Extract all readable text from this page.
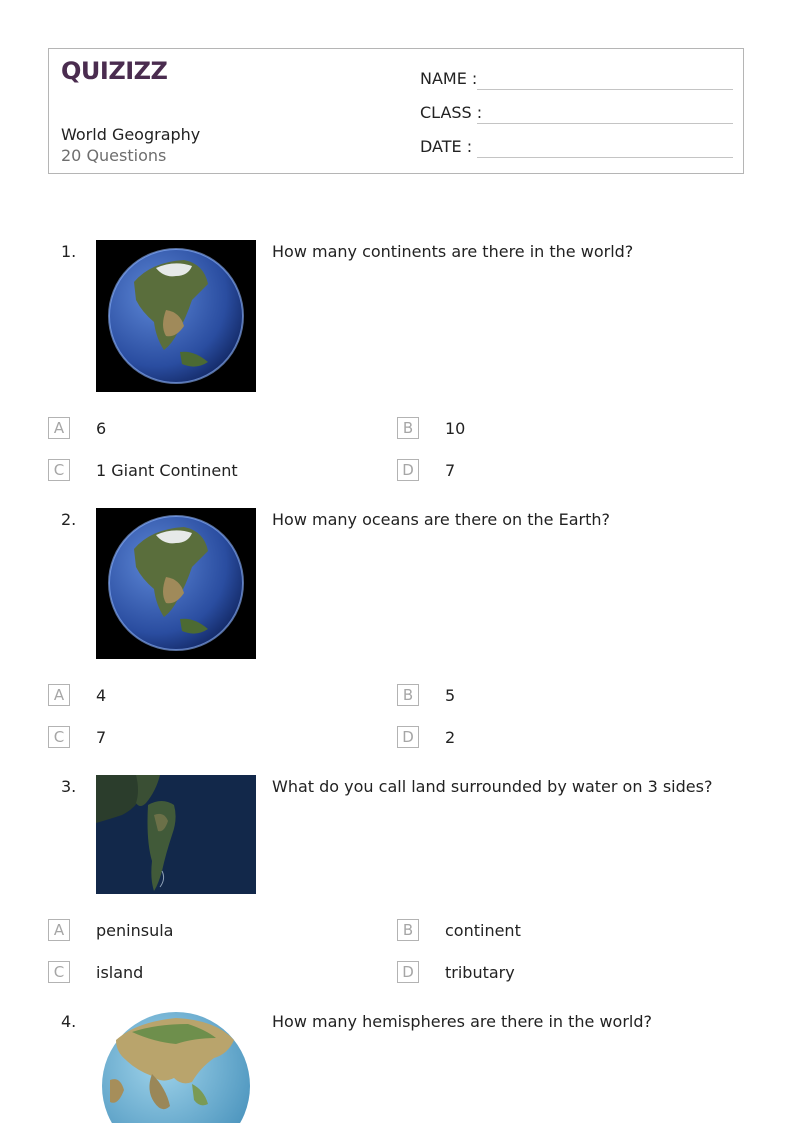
QUIZIZZ
World Geography
20 Questions
NAME :
CLASS :
DATE :
1.	How many continents are there in the world?
A	6	B	10
C	1 Giant Continent	D	7
2.	How many oceans are there on the Earth?
A	4	B	5
C	7	D	2
3.	What do you call land surrounded by water on 3 sides?
A	peninsula	B	continent
C	island	D	tributary
4.	How many hemispheres are there in the world?
